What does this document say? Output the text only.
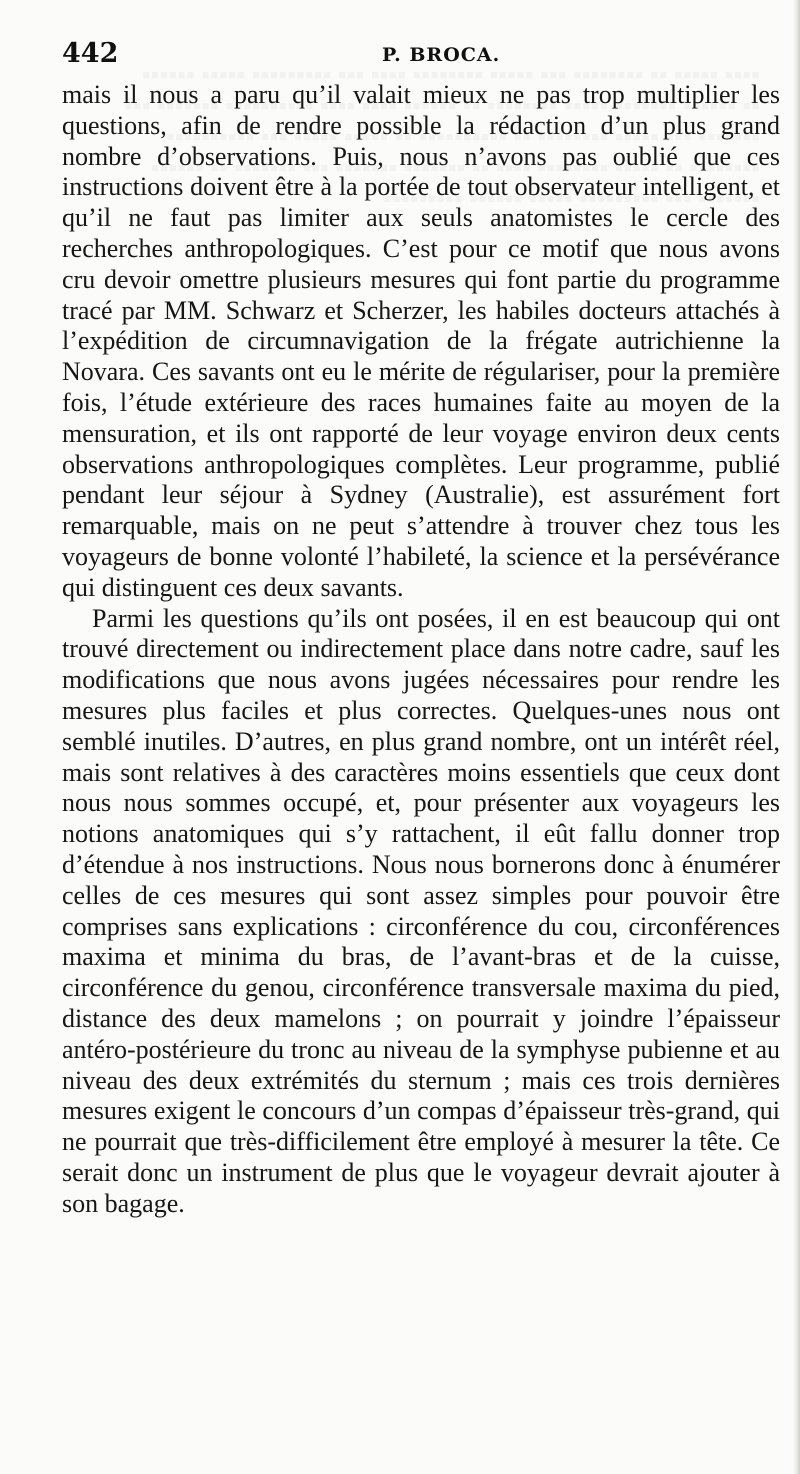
442	P. BROCA.

mais il nous a paru qu’il valait mieux ne pas trop multiplier les questions, afin de rendre possible la rédaction d’un plus grand nombre d’observations. Puis, nous n’avons pas oublié que ces instructions doivent être à la portée de tout observateur intelligent, et qu’il ne faut pas limiter aux seuls anatomistes le cercle des recherches anthropologiques. C’est pour ce motif que nous avons cru devoir omettre plusieurs mesures qui font partie du programme tracé par MM. Schwarz et Scherzer, les habiles docteurs attachés à l’expédition de circumnavigation de la frégate autrichienne la Novara. Ces savants ont eu le mérite de régulariser, pour la première fois, l’étude extérieure des races humaines faite au moyen de la mensuration, et ils ont rapporté de leur voyage environ deux cents observations anthropologiques complètes. Leur programme, publié pendant leur séjour à Sydney (Australie), est assurément fort remarquable, mais on ne peut s’attendre à trouver chez tous les voyageurs de bonne volonté l’habileté, la science et la persévérance qui distinguent ces deux savants.

Parmi les questions qu’ils ont posées, il en est beaucoup qui ont trouvé directement ou indirectement place dans notre cadre, sauf les modifications que nous avons jugées nécessaires pour rendre les mesures plus faciles et plus correctes. Quelques-unes nous ont semblé inutiles. D’autres, en plus grand nombre, ont un intérêt réel, mais sont relatives à des caractères moins essentiels que ceux dont nous nous sommes occupé, et, pour présenter aux voyageurs les notions anatomiques qui s’y rattachent, il eût fallu donner trop d’étendue à nos instructions. Nous nous bornerons donc à énumérer celles de ces mesures qui sont assez simples pour pouvoir être comprises sans explications : circonférence du cou, circonférences maxima et minima du bras, de l’avant-bras et de la cuisse, circonférence du genou, circonférence transversale maxima du pied, distance des deux mamelons ; on pourrait y joindre l’épaisseur antéro-postérieure du tronc au niveau de la symphyse pubienne et au niveau des deux extrémités du sternum ; mais ces trois dernières mesures exigent le concours d’un compas d’épaisseur très-grand, qui ne pourrait que très-difficilement être employé à mesurer la tête. Ce serait donc un instrument de plus que le voyageur devrait ajouter à son bagage.
